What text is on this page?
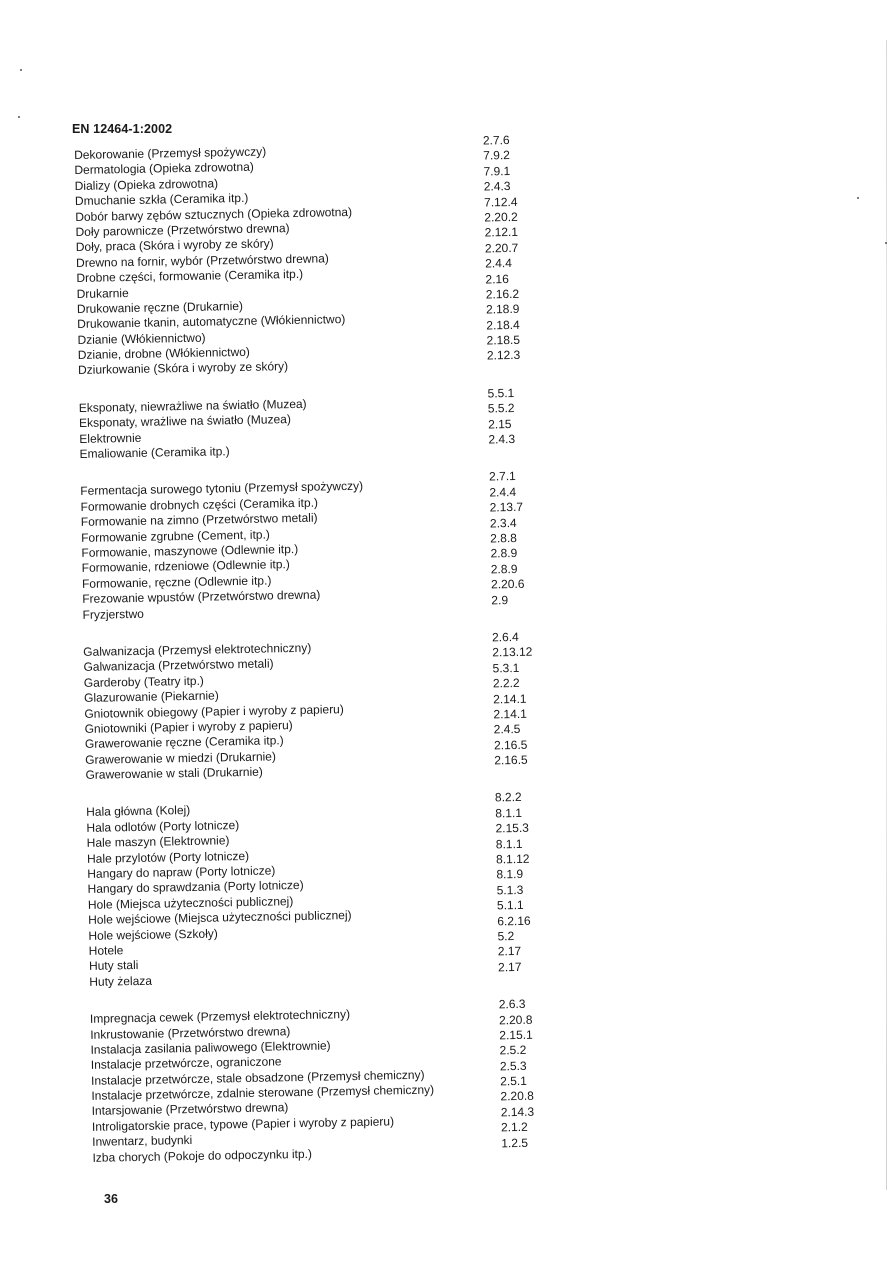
EN 12464-1:2002
Dekorowanie (Przemysł spożywczy)
2.7.6
Dermatologia (Opieka zdrowotna)
7.9.2
Dializy (Opieka zdrowotna)
7.9.1
Dmuchanie szkła (Ceramika itp.)
2.4.3
Dobór barwy zębów sztucznych (Opieka zdrowotna)
7.12.4
Doły parownicze (Przetwórstwo drewna)
2.20.2
Doły, praca (Skóra i wyroby ze skóry)
2.12.1
Drewno na fornir, wybór (Przetwórstwo drewna)
2.20.7
Drobne części, formowanie (Ceramika itp.)
2.4.4
Drukarnie
2.16
Drukowanie ręczne (Drukarnie)
2.16.2
Drukowanie tkanin, automatyczne (Włókiennictwo)
2.18.9
Dzianie (Włókiennictwo)
2.18.4
Dzianie, drobne (Włókiennictwo)
2.18.5
Dziurkowanie (Skóra i wyroby ze skóry)
2.12.3
Eksponaty, niewrażliwe na światło (Muzea)
5.5.1
Eksponaty, wrażliwe na światło (Muzea)
5.5.2
Elektrownie
2.15
Emaliowanie (Ceramika itp.)
2.4.3
Fermentacja surowego tytoniu (Przemysł spożywczy)
2.7.1
Formowanie drobnych części (Ceramika itp.)
2.4.4
Formowanie na zimno (Przetwórstwo metali)
2.13.7
Formowanie zgrubne (Cement, itp.)
2.3.4
Formowanie, maszynowe (Odlewnie itp.)
2.8.8
Formowanie, rdzeniowe (Odlewnie itp.)
2.8.9
Formowanie, ręczne (Odlewnie itp.)
2.8.9
Frezowanie wpustów (Przetwórstwo drewna)
2.20.6
Fryzjerstwo
2.9
Galwanizacja (Przemysł elektrotechniczny)
2.6.4
Galwanizacja (Przetwórstwo metali)
2.13.12
Garderoby (Teatry itp.)
5.3.1
Glazurowanie (Piekarnie)
2.2.2
Gniotownik obiegowy (Papier i wyroby z papieru)
2.14.1
Gniotowniki (Papier i wyroby z papieru)
2.14.1
Grawerowanie ręczne (Ceramika itp.)
2.4.5
Grawerowanie w miedzi (Drukarnie)
2.16.5
Grawerowanie w stali (Drukarnie)
2.16.5
Hala główna (Kolej)
8.2.2
Hala odlotów (Porty lotnicze)
8.1.1
Hale maszyn (Elektrownie)
2.15.3
Hale przylotów (Porty lotnicze)
8.1.1
Hangary do napraw (Porty lotnicze)
8.1.12
Hangary do sprawdzania (Porty lotnicze)
8.1.9
Hole (Miejsca użyteczności publicznej)
5.1.3
Hole wejściowe (Miejsca użyteczności publicznej)
5.1.1
Hole wejściowe (Szkoły)
6.2.16
Hotele
5.2
Huty stali
2.17
Huty żelaza
2.17
Impregnacja cewek (Przemysł elektrotechniczny)
2.6.3
Inkrustowanie (Przetwórstwo drewna)
2.20.8
Instalacja zasilania paliwowego (Elektrownie)
2.15.1
Instalacje przetwórcze, ograniczone
2.5.2
Instalacje przetwórcze, stale obsadzone (Przemysł chemiczny)
2.5.3
Instalacje przetwórcze, zdalnie sterowane (Przemysł chemiczny)
2.5.1
Intarsjowanie (Przetwórstwo drewna)
2.20.8
Introligatorskie prace, typowe (Papier i wyroby z papieru)
2.14.3
Inwentarz, budynki
2.1.2
Izba chorych (Pokoje do odpoczynku itp.)
1.2.5
36
